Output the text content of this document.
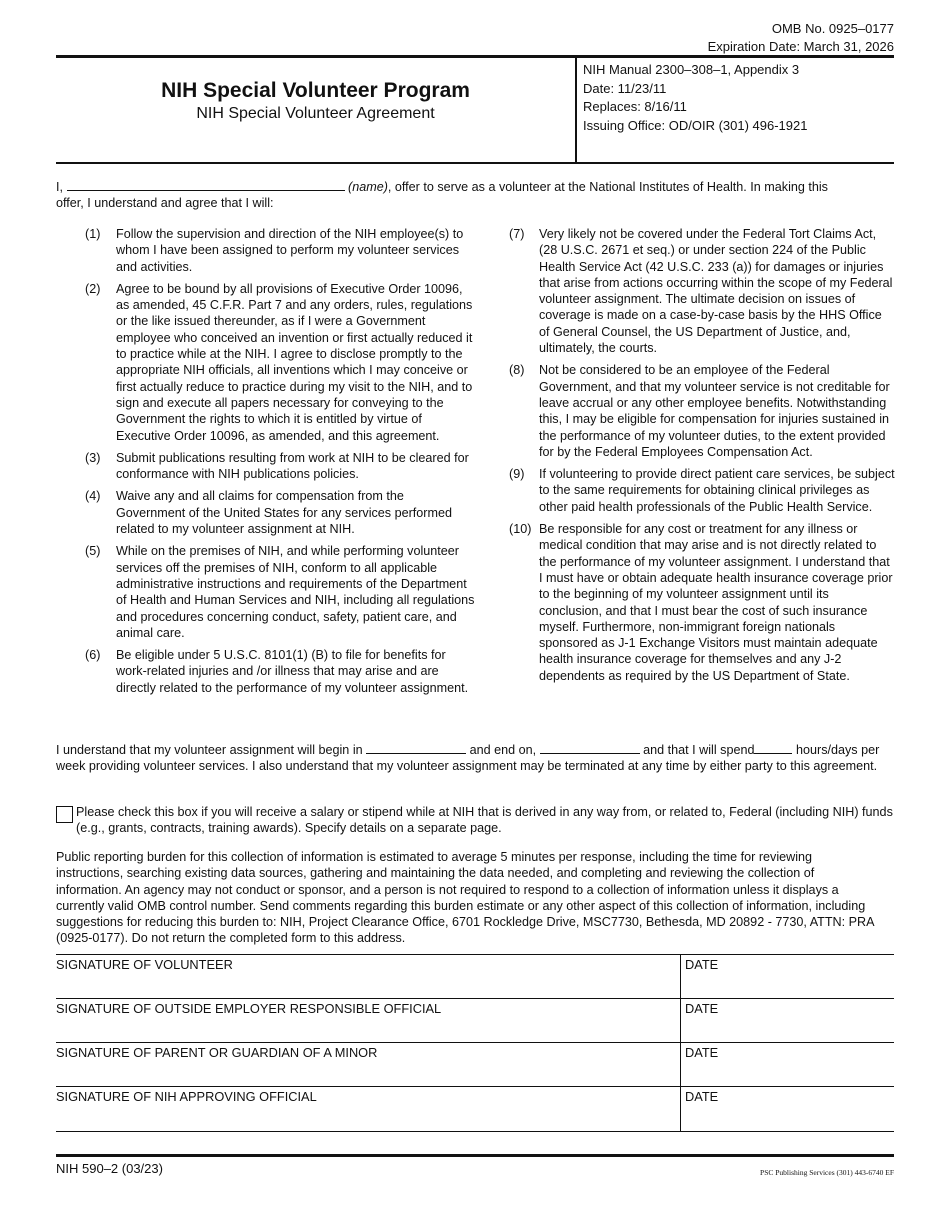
OMB No. 0925–0177
Expiration Date: March 31, 2026
NIH Special Volunteer Program
NIH Special Volunteer Agreement
NIH Manual 2300–308–1, Appendix 3
Date: 11/23/11
Replaces: 8/16/11
Issuing Office: OD/OIR (301) 496-1921
I,	(name), offer to serve as a volunteer at the National Institutes of Health. In making this offer, I understand and agree that I will:
(1)	Follow the supervision and direction of the NIH employee(s) to whom I have been assigned to perform my volunteer services and activities.
(2)	Agree to be bound by all provisions of Executive Order 10096, as amended, 45 C.F.R. Part 7 and any orders, rules, regulations or the like issued thereunder, as if I were a Government employee who conceived an invention or first actually reduced it to practice while at the NIH. I agree to disclose promptly to the appropriate NIH officials, all inventions which I may conceive or first actually reduce to practice during my visit to the NIH, and to sign and execute all papers necessary for conveying to the Government the rights to which it is entitled by virtue of Executive Order 10096, as amended, and this agreement.
(3)	Submit publications resulting from work at NIH to be cleared for conformance with NIH publications policies.
(4)	Waive any and all claims for compensation from the Government of the United States for any services performed related to my volunteer assignment at NIH.
(5)	While on the premises of NIH, and while performing volunteer services off the premises of NIH, conform to all applicable administrative instructions and requirements of the Department of Health and Human Services and NIH, including all regulations and procedures concerning conduct, safety, patient care, and animal care.
(6)	Be eligible under 5 U.S.C. 8101(1) (B) to file for benefits for work-related injuries and /or illness that may arise and are directly related to the performance of my volunteer assignment.
(7)	Very likely not be covered under the Federal Tort Claims Act, (28 U.S.C. 2671 et seq.) or under section 224 of the Public Health Service Act (42 U.S.C. 233 (a)) for damages or injuries that arise from actions occurring within the scope of my Federal volunteer assignment. The ultimate decision on issues of coverage is made on a case-by-case basis by the HHS Office of General Counsel, the US Department of Justice, and, ultimately, the courts.
(8)	Not be considered to be an employee of the Federal Government, and that my volunteer service is not creditable for leave accrual or any other employee benefits. Notwithstanding this, I may be eligible for compensation for injuries sustained in the performance of my volunteer duties, to the extent provided for by the Federal Employees Compensation Act.
(9)	If volunteering to provide direct patient care services, be subject to the same requirements for obtaining clinical privileges as other paid health professionals of the Public Health Service.
(10) Be responsible for any cost or treatment for any illness or medical condition that may arise and is not directly related to the performance of my volunteer assignment. I understand that I must have or obtain adequate health insurance coverage prior to the beginning of my volunteer assignment until its conclusion, and that I must bear the cost of such insurance myself. Furthermore, non-immigrant foreign nationals sponsored as J-1 Exchange Visitors must maintain adequate health insurance coverage for themselves and any J-2 dependents as required by the US Department of State.
I understand that my volunteer assignment will begin in	and end on,	and that I will spend	hours/days per week providing volunteer services. I also understand that my volunteer assignment may be terminated at any time by either party to this agreement.
Please check this box if you will receive a salary or stipend while at NIH that is derived in any way from, or related to, Federal (including NIH) funds (e.g., grants, contracts, training awards). Specify details on a separate page.
Public reporting burden for this collection of information is estimated to average 5 minutes per response, including the time for reviewing instructions, searching existing data sources, gathering and maintaining the data needed, and completing and reviewing the collection of information. An agency may not conduct or sponsor, and a person is not required to respond to a collection of information unless it displays a currently valid OMB control number. Send comments regarding this burden estimate or any other aspect of this collection of information, including suggestions for reducing this burden to: NIH, Project Clearance Office, 6701 Rockledge Drive, MSC7730, Bethesda, MD 20892 - 7730, ATTN: PRA (0925-0177). Do not return the completed form to this address.
SIGNATURE OF VOLUNTEER	DATE
SIGNATURE OF OUTSIDE EMPLOYER RESPONSIBLE OFFICIAL	DATE
SIGNATURE OF PARENT OR GUARDIAN OF A MINOR	DATE
SIGNATURE OF NIH APPROVING OFFICIAL	DATE
NIH 590–2 (03/23)	PSC Publishing Services (301) 443-6740 EF
